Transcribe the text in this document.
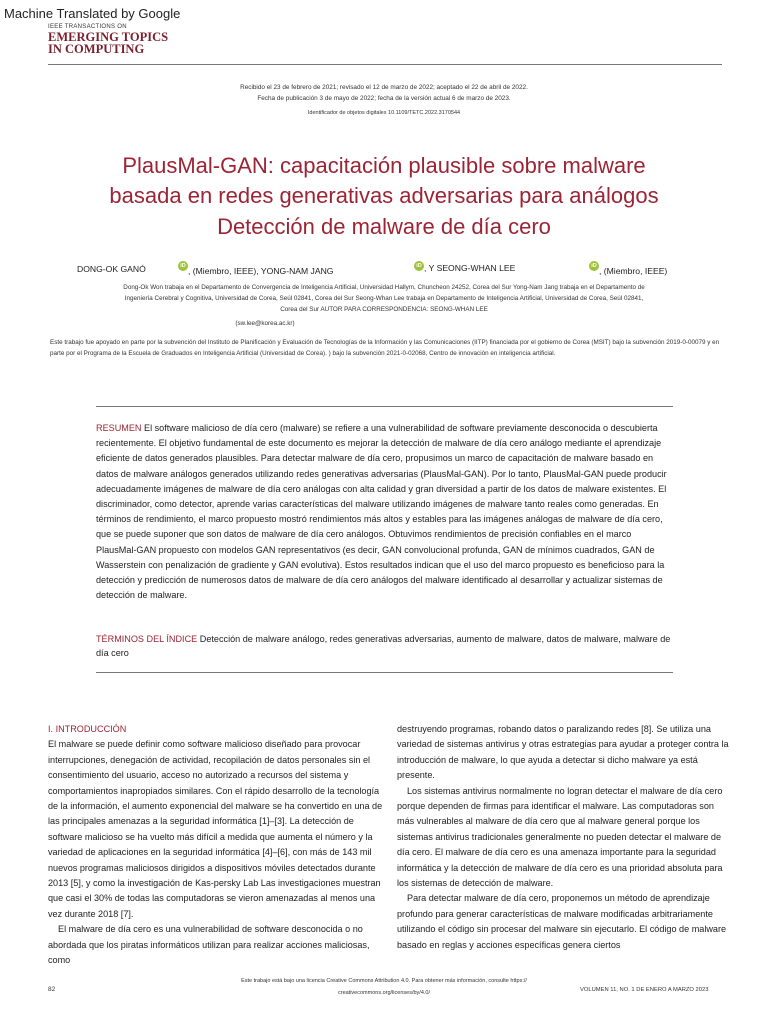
Machine Translated by Google
IEEE TRANSACTIONS ON
EMERGING TOPICS
IN COMPUTING
Recibido el 23 de febrero de 2021; revisado el 12 de marzo de 2022; aceptado el 22 de abril de 2022.
Fecha de publicación 3 de mayo de 2022; fecha de la versión actual 6 de marzo de 2023.
Identificador de objetos digitales 10.1109/TETC.2022.3170544
PlausMal-GAN: capacitación plausible sobre malware
basada en redes generativas adversarias para análogos
Detección de malware de día cero
DONG-OK GANÓ	iD , (Miembro, IEEE), YONG-NAM JANG	iD , Y SEONG-WHAN LEE	iD , (Miembro, IEEE)
Dong-Ok Won trabaja en el Departamento de Convergencia de Inteligencia Artificial, Universidad Hallym, Chuncheon 24252, Corea del Sur Yong-Nam Jang trabaja en el Departamento de Ingeniería Cerebral y Cognitiva, Universidad de Corea, Seúl 02841, Corea del Sur Seong-Whan Lee trabaja en Departamento de Inteligencia Artificial, Universidad de Corea, Seúl 02841, Corea del Sur AUTOR PARA CORRESPONDENCIA: SEONG-WHAN LEE
(sw.lee@korea.ac.kr)
Este trabajo fue apoyado en parte por la subvención del Instituto de Planificación y Evaluación de Tecnologías de la Información y las Comunicaciones (IITP) financiada por el gobierno de Corea (MSIT) bajo la subvención 2019-0-00079 y en parte por el Programa de la Escuela de Graduados en Inteligencia Artificial (Universidad de Corea). ) bajo la subvención 2021-0-02068, Centro de innovación en inteligencia artificial.
RESUMEN El software malicioso de día cero (malware) se refiere a una vulnerabilidad de software previamente desconocida o descubierta recientemente. El objetivo fundamental de este documento es mejorar la detección de malware de día cero análogo mediante el aprendizaje eficiente de datos generados plausibles. Para detectar malware de día cero, propusimos un marco de capacitación de malware basado en datos de malware análogos generados utilizando redes generativas adversarias (PlausMal-GAN). Por lo tanto, PlausMal-GAN puede producir adecuadamente imágenes de malware de día cero análogas con alta calidad y gran diversidad a partir de los datos de malware existentes. El discriminador, como detector, aprende varias características del malware utilizando imágenes de malware tanto reales como generadas. En términos de rendimiento, el marco propuesto mostró rendimientos más altos y estables para las imágenes análogas de malware de día cero, que se puede suponer que son datos de malware de día cero análogos. Obtuvimos rendimientos de precisión confiables en el marco PlausMal-GAN propuesto con modelos GAN representativos (es decir, GAN convolucional profunda, GAN de mínimos cuadrados, GAN de Wasserstein con penalización de gradiente y GAN evolutiva). Estos resultados indican que el uso del marco propuesto es beneficioso para la detección y predicción de numerosos datos de malware de día cero análogos del malware identificado al desarrollar y actualizar sistemas de detección de malware.
TÉRMINOS DEL ÍNDICE Detección de malware análogo, redes generativas adversarias, aumento de malware, datos de malware, malware de día cero

I. INTRODUCCIÓN

El malware se puede definir como software malicioso diseñado para provocar interrupciones, denegación de actividad, recopilación de datos personales sin el consentimiento del usuario, acceso no autorizado a recursos del sistema y comportamientos inapropiados similares. Con el rápido desarrollo de la tecnología de la información, el aumento exponencial del malware se ha convertido en una de las principales amenazas a la seguridad informática [1]–[3]. La detección de software malicioso se ha vuelto más difícil a medida que aumenta el número y la variedad de aplicaciones en la seguridad informática [4]–[6], con más de 143 mil nuevos programas maliciosos dirigidos a dispositivos móviles detectados durante 2013 [5], y como la investigación de Kas-persky Lab Las investigaciones muestran que casi el 30% de todas las computadoras se vieron amenazadas al menos una vez durante 2018 [7].

El malware de día cero es una vulnerabilidad de software desconocida o no abordada que los piratas informáticos utilizan para realizar acciones maliciosas, como

destruyendo programas, robando datos o paralizando redes [8]. Se utiliza una variedad de sistemas antivirus y otras estrategias para ayudar a proteger contra la introducción de malware, lo que ayuda a detectar si dicho malware ya está presente.

Los sistemas antivirus normalmente no logran detectar el malware de día cero porque dependen de firmas para identificar el malware. Las computadoras son más vulnerables al malware de día cero que al malware general porque los sistemas antivirus tradicionales generalmente no pueden detectar el malware de día cero. El malware de día cero es una amenaza importante para la seguridad informática y la detección de malware de día cero es una prioridad absoluta para los sistemas de detección de malware.

Para detectar malware de día cero, proponemos un método de aprendizaje profundo para generar características de malware modificadas arbitrariamente utilizando el código sin procesar del malware sin ejecutarlo. El código de malware basado en reglas y acciones específicas genera ciertos

Este trabajo está bajo una licencia Creative Commons Attribution 4.0. Para obtener más información, consulte https://
creativecommons.org/licenses/by/4.0/
82	VOLUMEN 11, NO. 1 DE ENERO A MARZO 2023
